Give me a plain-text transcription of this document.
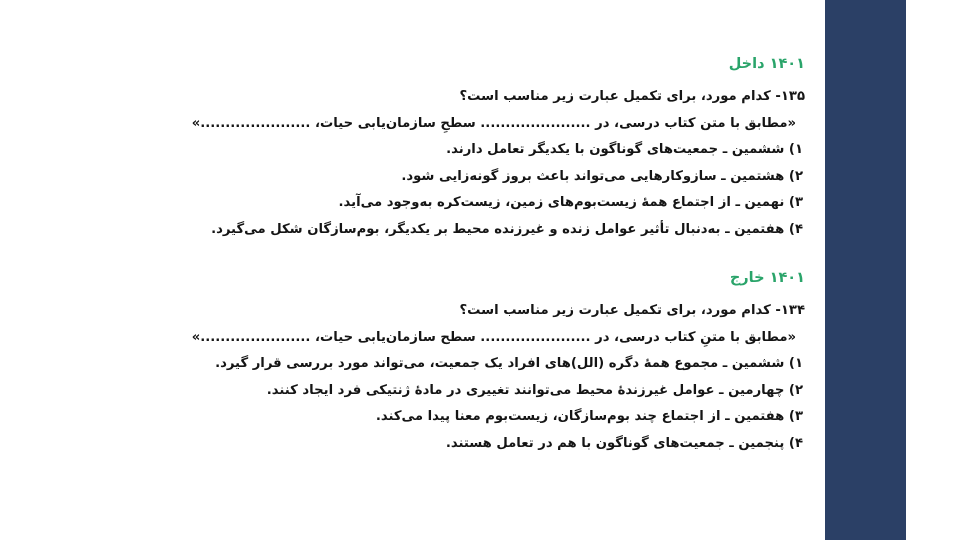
۱۴۰۱ داخل

۱۳۵- کدام مورد، برای تکمیل عبارت زیر مناسب است؟

«مطابق با متن کتاب درسی، در ...................... سطحِ سازمان‌یابی حیات، ......................»

۱) ششمین ـ جمعیت‌های گوناگون با یکدیگر تعامل دارند.

۲) هشتمین ـ سازوکارهایی می‌تواند باعث بروز گونه‌زایی شود.

۳) نهمین ـ از اجتماع همهٔ زیست‌بوم‌های زمین، زیست‌کره به‌وجود می‌آید.

۴) هفتمین ـ به‌دنبال تأثیر عوامل زنده و غیرزنده محیط بر یکدیگر، بوم‌سازگان شکل می‌گیرد.

۱۴۰۱ خارج

۱۳۴- کدام مورد، برای تکمیل عبارت زیر مناسب است؟

«مطابق با متنِ کتاب درسی، در ...................... سطح سازمان‌یابی حیات، ......................»

۱) ششمین ـ مجموع همهٔ دگره (الل)های افراد یک جمعیت، می‌تواند مورد بررسی قرار گیرد.

۲) چهارمین ـ عوامل غیرزندهٔ محیط می‌توانند تغییری در مادهٔ ژنتیکی فرد ایجاد کنند.

۳) هفتمین ـ از اجتماع چند بوم‌سازگان، زیست‌بوم معنا پیدا می‌کند.

۴) پنجمین ـ جمعیت‌های گوناگون با هم در تعامل هستند.
